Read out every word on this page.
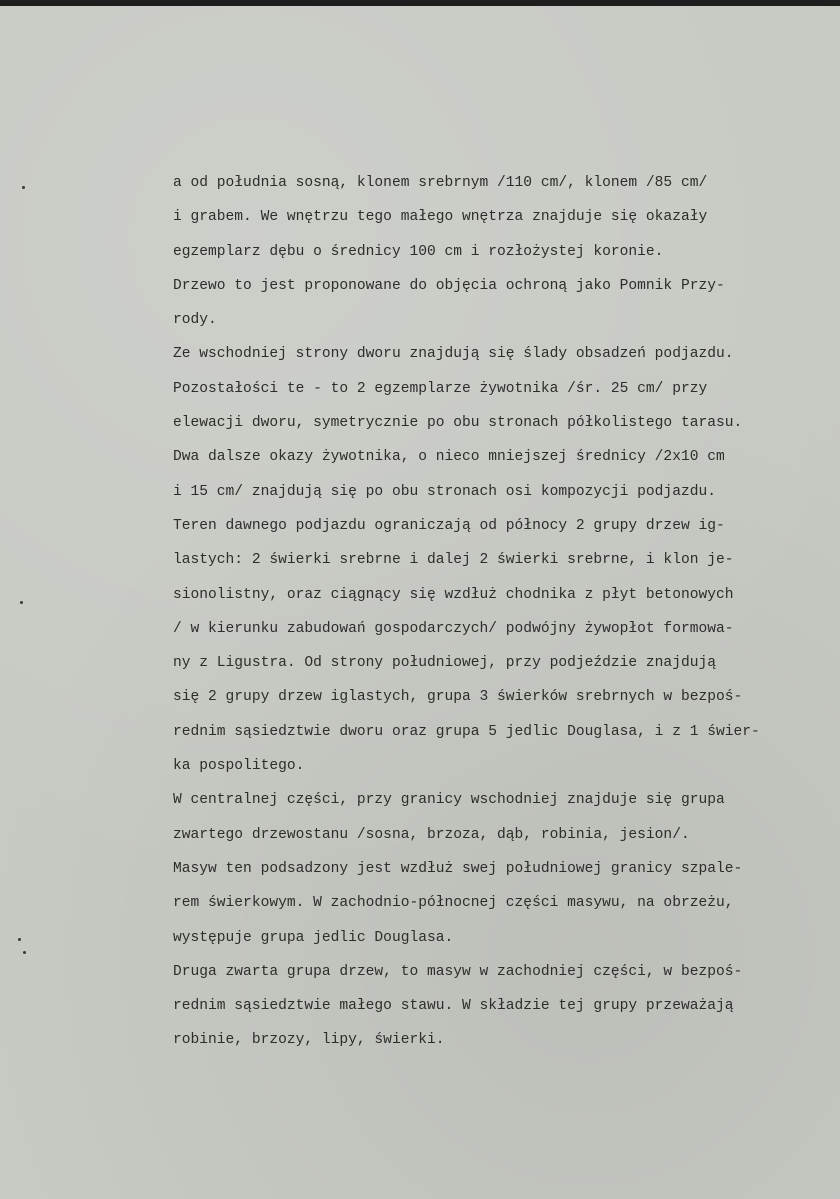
a od południa sosną, klonem srebrnym /110 cm/, klonem /85 cm/
i grabem. We wnętrzu tego małego wnętrza znajduje się okazały
egzemplarz dębu o średnicy 100 cm i rozłożystej koronie.
Drzewo to jest proponowane do objęcia ochroną jako Pomnik Przy-
rody.
Ze wschodniej strony dworu znajdują się ślady obsadzeń podjazdu.
Pozostałości te - to 2 egzemplarze żywotnika /śr. 25 cm/ przy
elewacji dworu, symetrycznie po obu stronach półkolistego tarasu.
Dwa dalsze okazy żywotnika, o nieco mniejszej średnicy /2x10 cm
i 15 cm/ znajdują się po obu stronach osi kompozycji podjazdu.
Teren dawnego podjazdu ograniczają od północy 2 grupy drzew ig-
lastych: 2 świerki srebrne i dalej 2 świerki srebrne, i klon je-
sionolistny, oraz ciągnący się wzdłuż chodnika z płyt betonowych
/ w kierunku zabudowań gospodarczych/ podwójny żywopłot formowa-
ny z Ligustra. Od strony południowej, przy podjeździe znajdują
się 2 grupy drzew iglastych, grupa 3 świerków srebrnych w bezpoś-
rednim sąsiedztwie dworu oraz grupa 5 jedlic Douglasa, i z 1 świer-
ka pospolitego.
W centralnej części, przy granicy wschodniej znajduje się grupa
zwartego drzewostanu /sosna, brzoza, dąb, robinia, jesion/.
Masyw ten podsadzony jest wzdłuż swej południowej granicy szpale-
rem świerkowym. W zachodnio-północnej części masywu, na obrzeżu,
występuje grupa jedlic Douglasa.
Druga zwarta grupa drzew, to masyw w zachodniej części, w bezpoś-
rednim sąsiedztwie małego stawu. W składzie tej grupy przeważają
robinie, brzozy, lipy, świerki.
